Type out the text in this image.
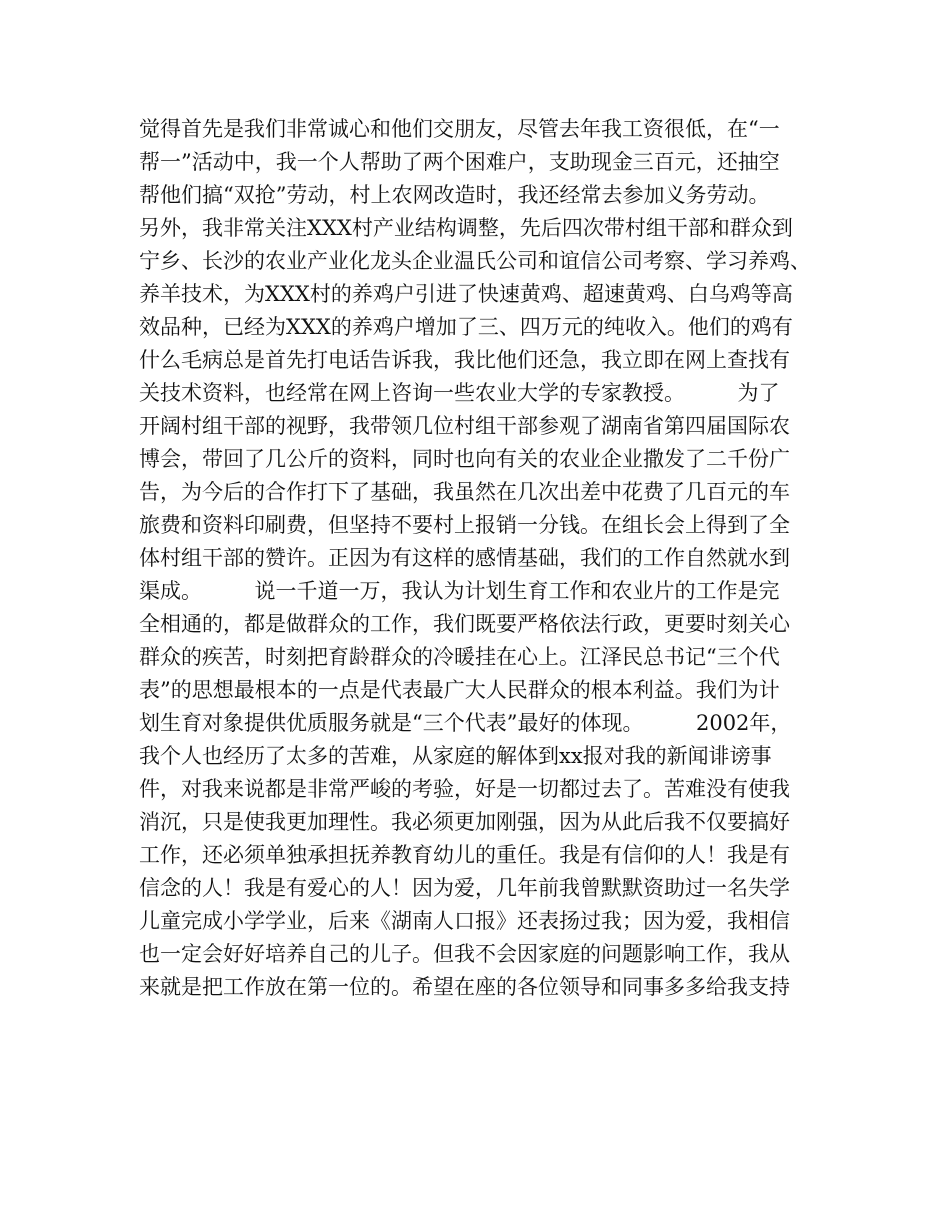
觉得首先是我们非常诚心和他们交朋友，尽管去年我工资很低，在“一
帮一”活动中，我一个人帮助了两个困难户，支助现金三百元，还抽空
帮他们搞“双抢”劳动，村上农网改造时，我还经常去参加义务劳动。
另外，我非常关注XXX村产业结构调整，先后四次带村组干部和群众到
宁乡、长沙的农业产业化龙头企业温氏公司和谊信公司考察、学习养鸡、
养羊技术，为XXX村的养鸡户引进了快速黄鸡、超速黄鸡、白乌鸡等高
效品种，已经为XXX的养鸡户增加了三、四万元的纯收入。他们的鸡有
什么毛病总是首先打电话告诉我，我比他们还急，我立即在网上查找有
关技术资料，也经常在网上咨询一些农业大学的专家教授。　　　为了
开阔村组干部的视野，我带领几位村组干部参观了湖南省第四届国际农
博会，带回了几公斤的资料，同时也向有关的农业企业撒发了二千份广
告，为今后的合作打下了基础，我虽然在几次出差中花费了几百元的车
旅费和资料印刷费，但坚持不要村上报销一分钱。在组长会上得到了全
体村组干部的赞许。正因为有这样的感情基础，我们的工作自然就水到
渠成。　　　说一千道一万，我认为计划生育工作和农业片的工作是完
全相通的，都是做群众的工作，我们既要严格依法行政，更要时刻关心
群众的疾苦，时刻把育龄群众的冷暖挂在心上。江泽民总书记“三个代
表”的思想最根本的一点是代表最广大人民群众的根本利益。我们为计
划生育对象提供优质服务就是“三个代表”最好的体现。　　　2002年，
我个人也经历了太多的苦难，从家庭的解体到xx报对我的新闻诽谤事
件，对我来说都是非常严峻的考验，好是一切都过去了。苦难没有使我
消沉，只是使我更加理性。我必须更加刚强，因为从此后我不仅要搞好
工作，还必须单独承担抚养教育幼儿的重任。我是有信仰的人！我是有
信念的人！我是有爱心的人！因为爱，几年前我曾默默资助过一名失学
儿童完成小学学业，后来《湖南人口报》还表扬过我；因为爱，我相信
也一定会好好培养自己的儿子。但我不会因家庭的问题影响工作，我从
来就是把工作放在第一位的。希望在座的各位领导和同事多多给我支持
